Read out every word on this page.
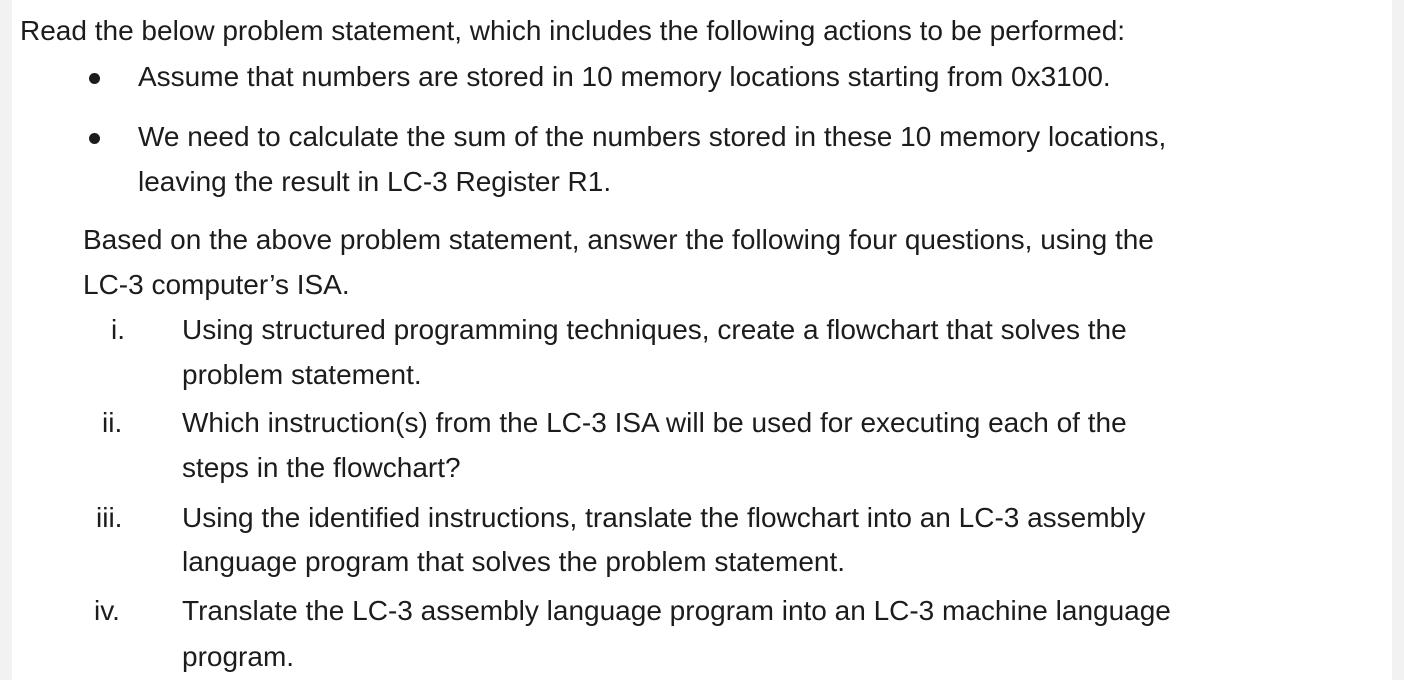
Read the below problem statement, which includes the following actions to be performed:
Assume that numbers are stored in 10 memory locations starting from 0x3100.
We need to calculate the sum of the numbers stored in these 10 memory locations,
leaving the result in LC-3 Register R1.
Based on the above problem statement, answer the following four questions, using the
LC-3 computer’s ISA.
i. Using structured programming techniques, create a flowchart that solves the
problem statement.
ii. Which instruction(s) from the LC-3 ISA will be used for executing each of the
steps in the flowchart?
iii. Using the identified instructions, translate the flowchart into an LC-3 assembly
language program that solves the problem statement.
iv. Translate the LC-3 assembly language program into an LC-3 machine language
program.
